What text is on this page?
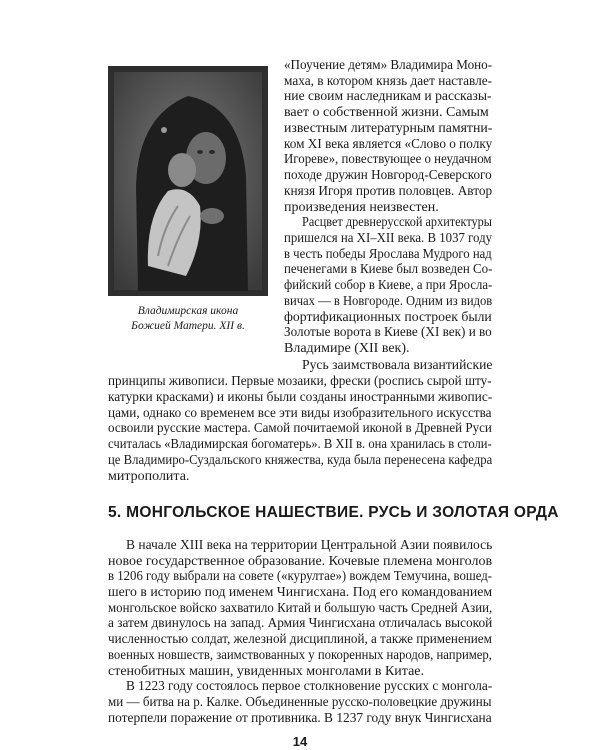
Владимирская икона
Божией Матери. XII в.
«Поучение детям» Владимира Моно-
маха, в котором князь дает наставле-
ние своим наследникам и рассказы-
вает о собственной жизни. Самым
известным литературным памятни-
ком XI века является «Слово о полку
Игореве», повествующее о неудачном
походе дружин Новгород-Северского
князя Игоря против половцев. Автор
произведения неизвестен.
Расцвет древнерусской архитектуры
пришелся на XI–XII века. В 1037 году
в честь победы Ярослава Мудрого над
печенегами в Киеве был возведен Со-
фийский собор в Киеве, а при Яросла-
вичах — в Новгороде. Одним из видов
фортификационных построек были
Золотые ворота в Киеве (XI век) и во
Владимире (XII век).
Русь заимствовала византийские
принципы живописи. Первые мозаики, фрески (роспись сырой шту-
катурки красками) и иконы были созданы иностранными живопис-
цами, однако со временем все эти виды изобразительного искусства
освоили русские мастера. Самой почитаемой иконой в Древней Руси
считалась «Владимирская богоматерь». В XII в. она хранилась в столи-
це Владимиро-Суздальского княжества, куда была перенесена кафедра
митрополита.
5. МОНГОЛЬСКОЕ НАШЕСТВИЕ. РУСЬ И ЗОЛОТАЯ ОРДА
В начале XIII века на территории Центральной Азии появилось
новое государственное образование. Кочевые племена монголов
в 1206 году выбрали на совете («курултае») вождем Темучина, вошед-
шего в историю под именем Чингисхана. Под его командованием
монгольское войско захватило Китай и большую часть Средней Азии,
а затем двинулось на запад. Армия Чингисхана отличалась высокой
численностью солдат, железной дисциплиной, а также применением
военных новшеств, заимствованных у покоренных народов, например,
стенобитных машин, увиденных монголами в Китае.
В 1223 году состоялось первое столкновение русских с монгола-
ми — битва на р. Калке. Объединенные русско-половецкие дружины
потерпели поражение от противника. В 1237 году внук Чингисхана
14
